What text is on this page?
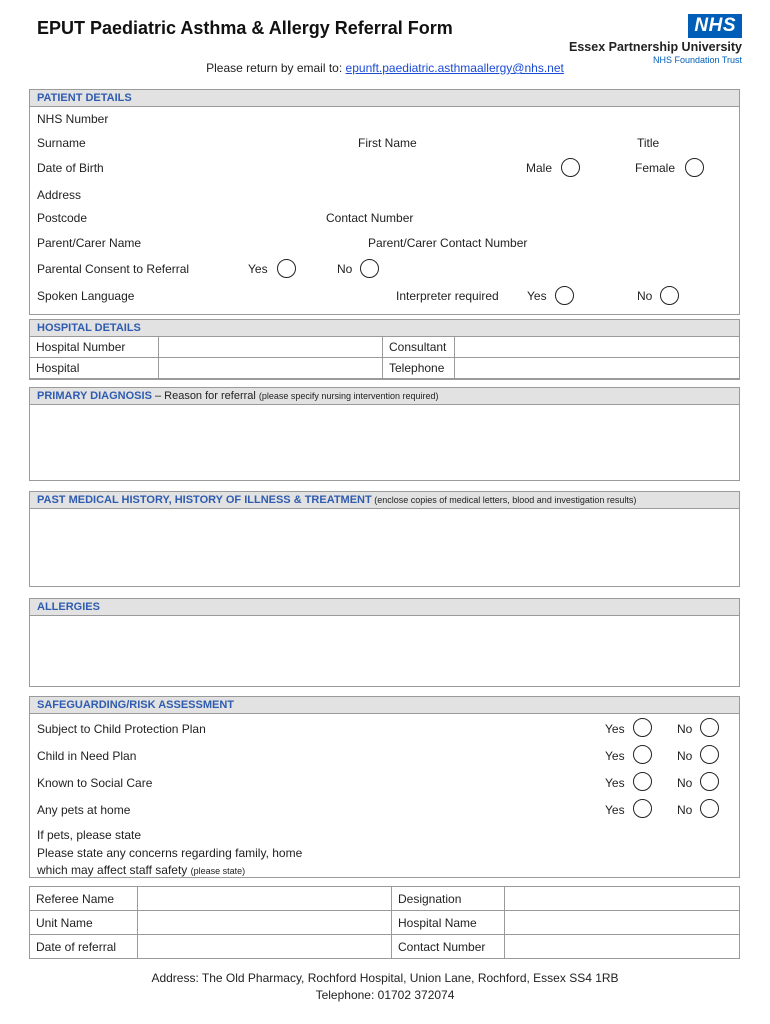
EPUT Paediatric Asthma & Allergy Referral Form	NHS
Essex Partnership University
NHS Foundation Trust
Please return by email to: epunft.paediatric.asthmaallergy@nhs.net
PATIENT DETAILS
NHS Number
Surname	First Name	Title
Date of Birth	Male	Female
Address
Postcode	Contact Number
Parent/Carer Name	Parent/Carer Contact Number
Parental Consent to Referral	Yes	No
Spoken Language	Interpreter required Yes	No
HOSPITAL DETAILS
Hospital Number		Consultant	
Hospital		Telephone	
PRIMARY DIAGNOSIS – Reason for referral (please specify nursing intervention required)
PAST MEDICAL HISTORY, HISTORY OF ILLNESS & TREATMENT (enclose copies of medical letters, blood and investigation results)
ALLERGIES
SAFEGUARDING/RISK ASSESSMENT
Subject to Child Protection Plan	Yes	No
Child in Need Plan	Yes	No
Known to Social Care	Yes	No
Any pets at home	Yes	No
If pets, please state
Please state any concerns regarding family, home
which may affect staff safety (please state)
Referee Name		Designation	
Unit Name		Hospital Name	
Date of referral		Contact Number	
Address: The Old Pharmacy, Rochford Hospital, Union Lane, Rochford, Essex SS4 1RB
Telephone: 01702 372074
